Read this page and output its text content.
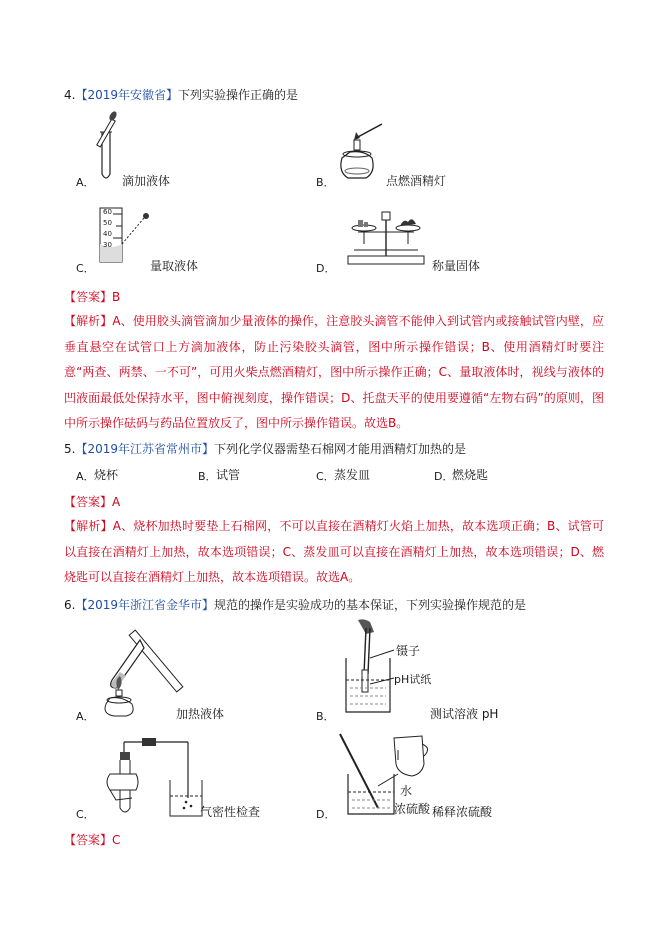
4.【2019年安徽省】下列实验操作正确的是
A． 滴加液体	B．	点燃酒精灯
60
50
40
30
C．	量取液体	D．	称量固体
【答案】B
【解析】A、使用胶头滴管滴加少量液体的操作，注意胶头滴管不能伸入到试管内或接触试管内壁，应垂直悬空在试管口上方滴加液体，防止污染胶头滴管，图中所示操作错误；B、使用酒精灯时要注意“两查、两禁、一不可”，可用火柴点燃酒精灯，图中所示操作正确；C、量取液体时，视线与液体的凹液面最低处保持水平，图中俯视刻度，操作错误；D、托盘天平的使用要遵循“左物右码”的原则，图中所示操作砝码与药品位置放反了，图中所示操作错误。故选B。
5.【2019年江苏省常州市】下列化学仪器需垫石棉网才能用酒精灯加热的是
A． 烧杯	B． 试管	C． 蒸发皿	D．
燃烧匙
【答案】A
【解析】A、烧杯加热时要垫上石棉网，不可以直接在酒精灯火焰上加热，故本选项正确；B、试管可以直接在酒精灯上加热，故本选项错误；C、蒸发皿可以直接在酒精灯上加热，故本选项错误；D、燃烧匙可以直接在酒精灯上加热，故本选项错误。故选A。
6.【2019年浙江省金华市】规范的操作是实验成功的基本保证，下列实验操作规范的是
A．	加热液体
镊子
pH试纸
B．	测试溶液 pH
C．	气密性检查
水
浓硫酸
D．	稀释浓硫酸
【答案】C
